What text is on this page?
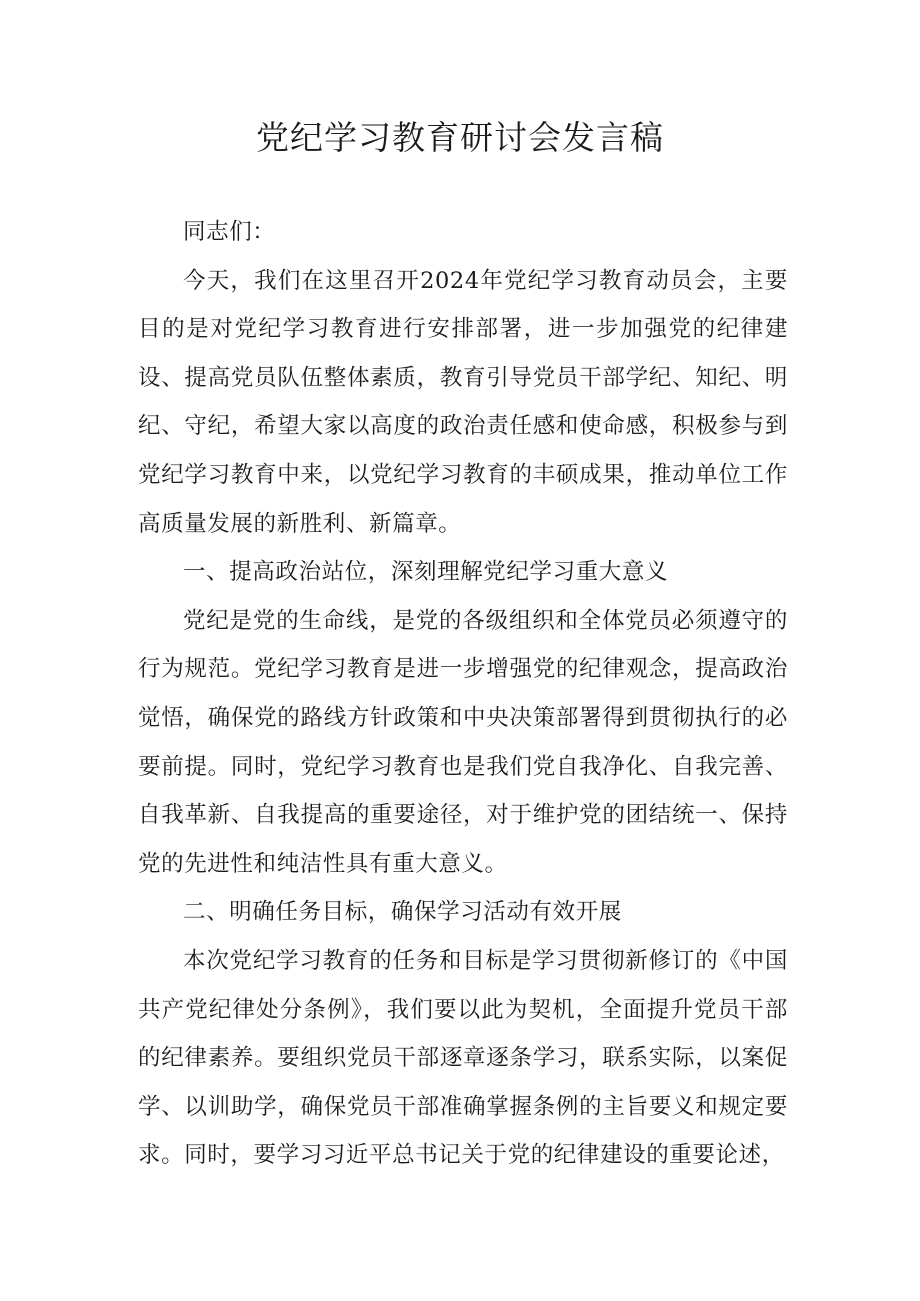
党纪学习教育研讨会发言稿

同志们：

今天，我们在这里召开2024年党纪学习教育动员会，主要目的是对党纪学习教育进行安排部署，进一步加强党的纪律建设、提高党员队伍整体素质，教育引导党员干部学纪、知纪、明纪、守纪，希望大家以高度的政治责任感和使命感，积极参与到党纪学习教育中来，以党纪学习教育的丰硕成果，推动单位工作高质量发展的新胜利、新篇章。

一、提高政治站位，深刻理解党纪学习重大意义

党纪是党的生命线，是党的各级组织和全体党员必须遵守的行为规范。党纪学习教育是进一步增强党的纪律观念，提高政治觉悟，确保党的路线方针政策和中央决策部署得到贯彻执行的必要前提。同时，党纪学习教育也是我们党自我净化、自我完善、自我革新、自我提高的重要途径，对于维护党的团结统一、保持党的先进性和纯洁性具有重大意义。

二、明确任务目标，确保学习活动有效开展

本次党纪学习教育的任务和目标是学习贯彻新修订的《中国共产党纪律处分条例》，我们要以此为契机，全面提升党员干部的纪律素养。要组织党员干部逐章逐条学习，联系实际，以案促学、以训助学，确保党员干部准确掌握条例的主旨要义和规定要求。同时，要学习习近平总书记关于党的纪律建设的重要论述，
